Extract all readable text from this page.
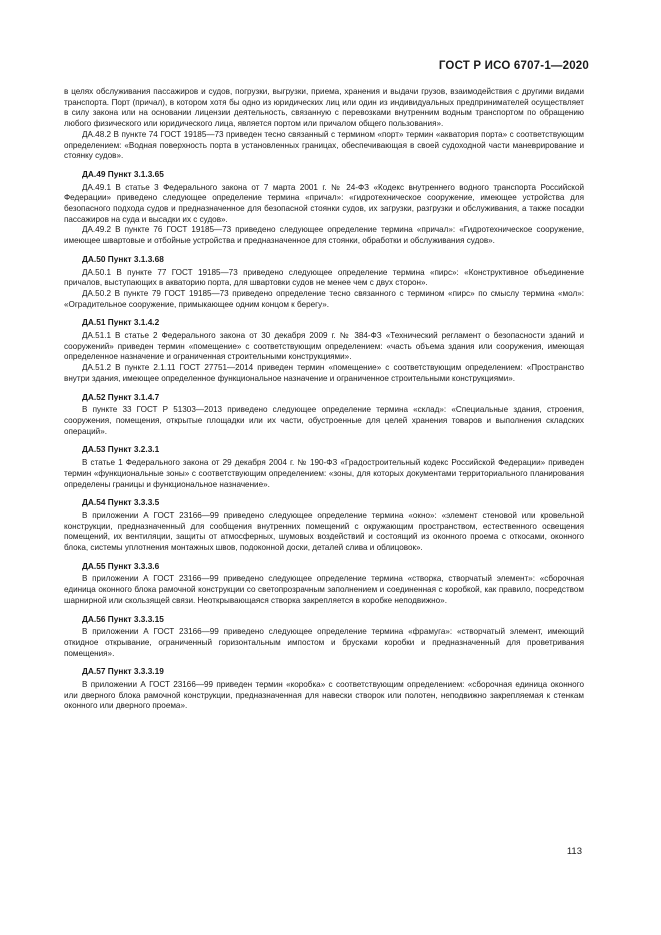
ГОСТ Р ИСО 6707-1—2020

в целях обслуживания пассажиров и судов, погрузки, выгрузки, приема, хранения и выдачи грузов, взаимодействия с другими видами транспорта. Порт (причал), в котором хотя бы одно из юридических лиц или один из индивидуальных предпринимателей осуществляет в силу закона или на основании лицензии деятельность, связанную с перевозками внутренним водным транспортом по обращению любого физического или юридического лица, является портом или причалом общего пользования».

ДА.48.2 В пункте 74 ГОСТ 19185—73 приведен тесно связанный с термином «порт» термин «акватория порта» с соответствующим определением: «Водная поверхность порта в установленных границах, обеспечивающая в своей судоходной части маневрирование и стоянку судов».

ДА.49 Пункт 3.1.3.65

ДА.49.1 В статье 3 Федерального закона от 7 марта 2001 г. № 24-ФЗ «Кодекс внутреннего водного транспорта Российской Федерации» приведено следующее определение термина «причал»: «гидротехническое сооружение, имеющее устройства для безопасного подхода судов и предназначенное для безопасной стоянки судов, их загрузки, разгрузки и обслуживания, а также посадки пассажиров на суда и высадки их с судов».

ДА.49.2 В пункте 76 ГОСТ 19185—73 приведено следующее определение термина «причал»: «Гидротехническое сооружение, имеющее швартовые и отбойные устройства и предназначенное для стоянки, обработки и обслуживания судов».

ДА.50 Пункт 3.1.3.68

ДА.50.1 В пункте 77 ГОСТ 19185—73 приведено следующее определение термина «пирс»: «Конструктивное объединение причалов, выступающих в акваторию порта, для швартовки судов не менее чем с двух сторон».

ДА.50.2 В пункте 79 ГОСТ 19185—73 приведено определение тесно связанного с термином «пирс» по смыслу термина «мол»: «Оградительное сооружение, примыкающее одним концом к берегу».

ДА.51 Пункт 3.1.4.2

ДА.51.1 В статье 2 Федерального закона от 30 декабря 2009 г. № 384-ФЗ «Технический регламент о безопасности зданий и сооружений» приведен термин «помещение» с соответствующим определением: «часть объема здания или сооружения, имеющая определенное назначение и ограниченная строительными конструкциями».

ДА.51.2 В пункте 2.1.11 ГОСТ 27751—2014 приведен термин «помещение» с соответствующим определением: «Пространство внутри здания, имеющее определенное функциональное назначение и ограниченное строительными конструкциями».

ДА.52 Пункт 3.1.4.7

В пункте 33 ГОСТ Р 51303—2013 приведено следующее определение термина «склад»: «Специальные здания, строения, сооружения, помещения, открытые площадки или их части, обустроенные для целей хранения товаров и выполнения складских операций».

ДА.53 Пункт 3.2.3.1

В статье 1 Федерального закона от 29 декабря 2004 г. № 190-ФЗ «Градостроительный кодекс Российской Федерации» приведен термин «функциональные зоны» с соответствующим определением: «зоны, для которых документами территориального планирования определены границы и функциональное назначение».

ДА.54 Пункт 3.3.3.5

В приложении А ГОСТ 23166—99 приведено следующее определение термина «окно»: «элемент стеновой или кровельной конструкции, предназначенный для сообщения внутренних помещений с окружающим пространством, естественного освещения помещений, их вентиляции, защиты от атмосферных, шумовых воздействий и состоящий из оконного проема с откосами, оконного блока, системы уплотнения монтажных швов, подоконной доски, деталей слива и облицовок».

ДА.55 Пункт 3.3.3.6

В приложении А ГОСТ 23166—99 приведено следующее определение термина «створка, створчатый элемент»: «сборочная единица оконного блока рамочной конструкции со светопрозрачным заполнением и соединенная с коробкой, как правило, посредством шарнирной или скользящей связи. Неоткрывающаяся створка закрепляется в коробке неподвижно».

ДА.56 Пункт 3.3.3.15

В приложении А ГОСТ 23166—99 приведено следующее определение термина «фрамуга»: «створчатый элемент, имеющий откидное открывание, ограниченный горизонтальным импостом и брусками коробки и предназначенный для проветривания помещения».

ДА.57 Пункт 3.3.3.19

В приложении А ГОСТ 23166—99 приведен термин «коробка» с соответствующим определением: «сборочная единица оконного или дверного блока рамочной конструкции, предназначенная для навески створок или полотен, неподвижно закрепляемая к стенкам оконного или дверного проема».

113
